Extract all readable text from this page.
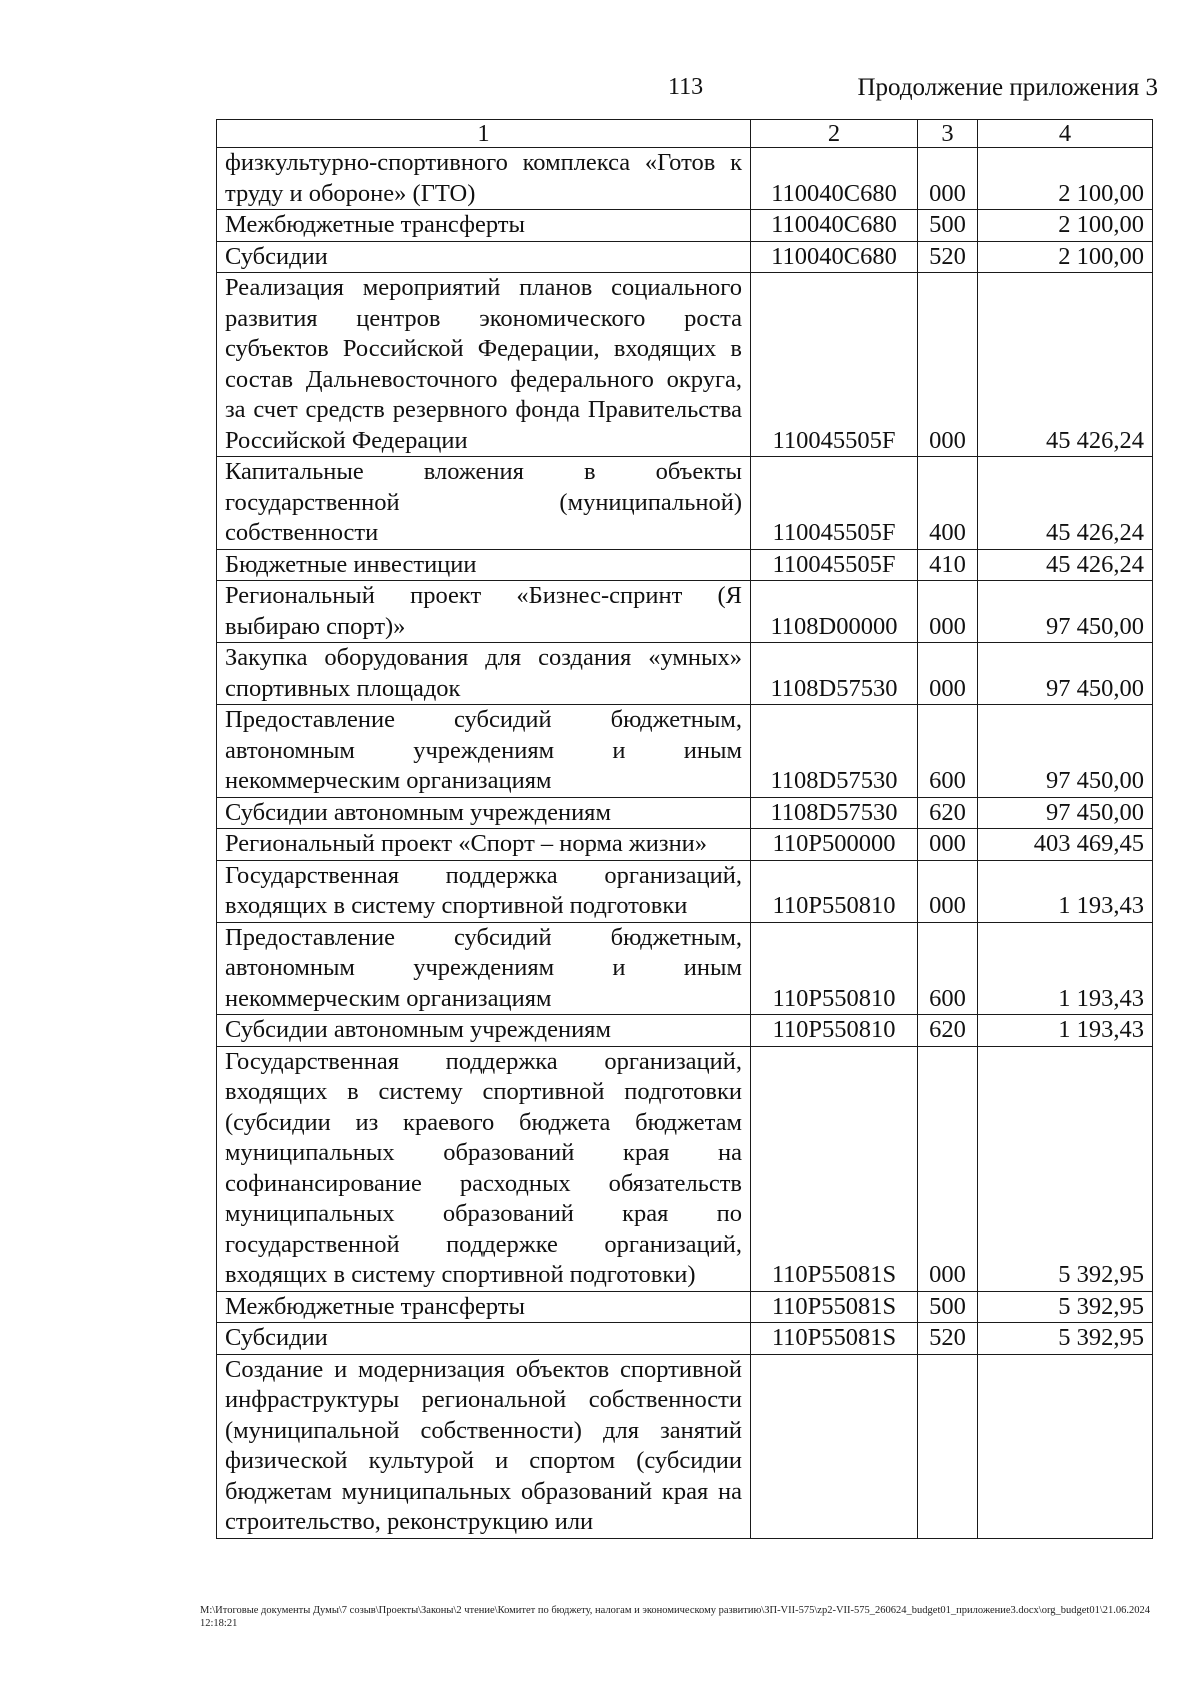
113	Продолжение приложения 3
1	2	3	4
физкультурно-спортивного комплекса «Готов к труду и обороне» (ГТО)	110040С680	000	2 100,00
Межбюджетные трансферты	110040С680	500	2 100,00
Субсидии	110040С680	520	2 100,00
Реализация мероприятий планов социального развития центров экономического роста субъектов Российской Федерации, входящих в состав Дальневосточного федерального округа, за счет средств резервного фонда Правительства Российской Федерации	110045505F	000	45 426,24
Капитальные вложения в объекты государственной (муниципальной) собственности	110045505F	400	45 426,24
Бюджетные инвестиции	110045505F	410	45 426,24
Региональный проект «Бизнес-спринт (Я выбираю спорт)»	1108D00000	000	97 450,00
Закупка оборудования для создания «умных» спортивных площадок	1108D57530	000	97 450,00
Предоставление субсидий бюджетным, автономным учреждениям и иным некоммерческим организациям	1108D57530	600	97 450,00
Субсидии автономным учреждениям	1108D57530	620	97 450,00
Региональный проект «Спорт – норма жизни»	110Р500000	000	403 469,45
Государственная поддержка организаций, входящих в систему спортивной подготовки	110Р550810	000	1 193,43
Предоставление субсидий бюджетным, автономным учреждениям и иным некоммерческим организациям	110Р550810	600	1 193,43
Субсидии автономным учреждениям	110Р550810	620	1 193,43
Государственная поддержка организаций, входящих в систему спортивной подготовки (субсидии из краевого бюджета бюджетам муниципальных образований края на софинансирование расходных обязательств муниципальных образований края по государственной поддержке организаций, входящих в систему спортивной подготовки)	110Р55081S	000	5 392,95
Межбюджетные трансферты	110Р55081S	500	5 392,95
Субсидии	110Р55081S	520	5 392,95
Создание и модернизация объектов спортивной инфраструктуры региональной собственности (муниципальной собственности) для занятий физической культурой и спортом (субсидии бюджетам муниципальных образований края на строительство, реконструкцию или			
M:\Итоговые документы Думы\7 созыв\Проекты\Законы\2 чтение\Комитет по бюджету, налогам и экономическому развитию\ЗП-VII-575\zp2-VII-575_260624_budget01_приложение3.docx\org_budget01\21.06.2024 12:18:21
